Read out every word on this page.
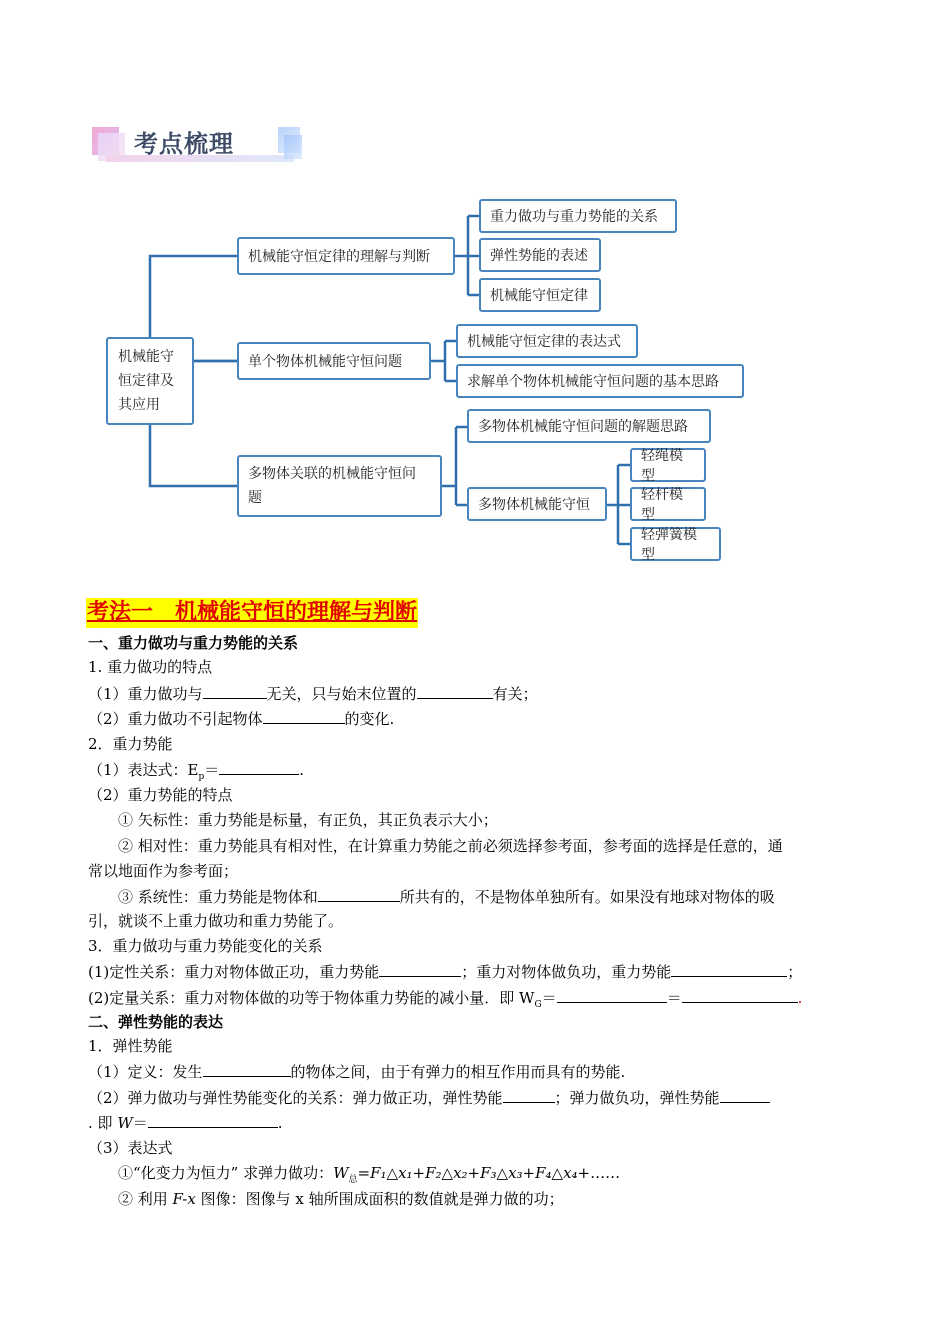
考点梳理
机械能守
恒定律及
其应用
机械能守恒定律的理解与判断
重力做功与重力势能的关系
弹性势能的表述
机械能守恒定律
单个物体机械能守恒问题
机械能守恒定律的表达式
求解单个物体机械能守恒问题的基本思路
多物体关联的机械能守恒问
题
多物体机械能守恒问题的解题思路
多物体机械能守恒
轻绳模型
轻杆模型
轻弹簧模型
考法一　机械能守恒的理解与判断
一、重力做功与重力势能的关系
1. 重力做功的特点
（1）重力做功与	无关，只与始末位置的	有关；
（2）重力做功不引起物体	的变化.
2．重力势能
（1）表达式：$E_p=$	.
（2）重力势能的特点
① 矢标性：重力势能是标量，有正负，其正负表示大小；
② 相对性：重力势能具有相对性，在计算重力势能之前必须选择参考面，参考面的选择是任意的，通
常以地面作为参考面；
③ 系统性：重力势能是物体和	所共有的，不是物体单独所有。如果没有地球对物体的吸
引，就谈不上重力做功和重力势能了。
3．重力做功与重力势能变化的关系
(1)定性关系：重力对物体做正功，重力势能	；重力对物体做负功，重力势能	；
(2)定量关系：重力对物体做的功等于物体重力势能的减小量．即 $W_G=$	＝	.
二、弹性势能的表达
1．弹性势能
（1）定义：发生	的物体之间，由于有弹力的相互作用而具有的势能.
（2）弹力做功与弹性势能变化的关系：弹力做正功，弹性势能	；弹力做负功，弹性势能
. 即 W＝	.
（3）表达式
①“化变力为恒力” 求弹力做功：$W_总=F_1\triangle x_1+F_2\triangle x_2+F_3\triangle x_3+F_4\triangle x_4+\dots\dots$
② 利用 F-x 图像：图像与 x 轴所围成面积的数值就是弹力做的功；
